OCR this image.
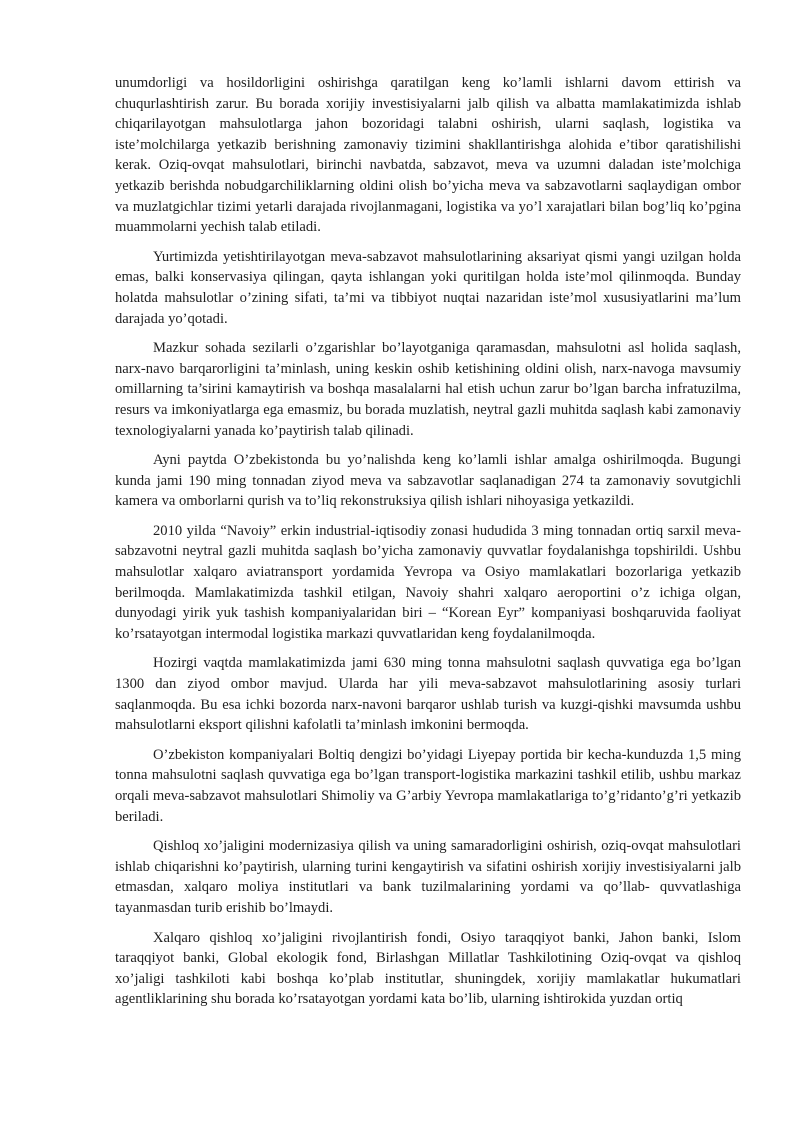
unumdorligi va hosildorligini oshirishga qaratilgan keng ko’lamli ishlarni davom ettirish va chuqurlashtirish zarur. Bu borada xorijiy investisiyalarni jalb qilish va albatta mamlakatimizda ishlab chiqarilayotgan mahsulotlarga jahon bozoridagi talabni oshirish, ularni saqlash, logistika va iste’molchilarga yetkazib berishning zamonaviy tizimini shakllantirishga alohida e’tibor qaratishilishi kerak. Oziq-ovqat mahsulotlari, birinchi navbatda, sabzavot, meva va uzumni daladan iste’molchiga yetkazib berishda nobudgarchiliklarning oldini olish bo’yicha meva va sabzavotlarni saqlaydigan ombor va muzlatgichlar tizimi yetarli darajada rivojlanmagani, logistika va yo’l xarajatlari bilan bog’liq ko’pgina muammolarni yechish talab etiladi.

Yurtimizda yetishtirilayotgan meva-sabzavot mahsulotlarining aksariyat qismi yangi uzilgan holda emas, balki konservasiya qilingan, qayta ishlangan yoki quritilgan holda iste’mol qilinmoqda. Bunday holatda mahsulotlar o’zining sifati, ta’mi va tibbiyot nuqtai nazaridan iste’mol xususiyatlarini ma’lum darajada yo’qotadi.

Mazkur sohada sezilarli o’zgarishlar bo’layotganiga qaramasdan, mahsulotni asl holida saqlash, narx-navo barqarorligini ta’minlash, uning keskin oshib ketishining oldini olish, narx-navoga mavsumiy omillarning ta’sirini kamaytirish va boshqa masalalarni hal etish uchun zarur bo’lgan barcha infratuzilma, resurs va imkoniyatlarga ega emasmiz, bu borada muzlatish, neytral gazli muhitda saqlash kabi zamonaviy texnologiyalarni yanada ko’paytirish talab qilinadi.

Ayni paytda O’zbekistonda bu yo’nalishda keng ko’lamli ishlar amalga oshirilmoqda. Bugungi kunda jami 190 ming tonnadan ziyod meva va sabzavotlar saqlanadigan 274 ta zamonaviy sovutgichli kamera va omborlarni qurish va to’liq rekonstruksiya qilish ishlari nihoyasiga yetkazildi.

2010 yilda “Navoiy” erkin industrial-iqtisodiy zonasi hududida 3 ming tonnadan ortiq sarxil meva-sabzavotni neytral gazli muhitda saqlash bo’yicha zamonaviy quvvatlar foydalanishga topshirildi. Ushbu mahsulotlar xalqaro aviatransport yordamida Yevropa va Osiyo mamlakatlari bozorlariga yetkazib berilmoqda. Mamlakatimizda tashkil etilgan, Navoiy shahri xalqaro aeroportini o’z ichiga olgan, dunyodagi yirik yuk tashish kompaniyalaridan biri – “Korean Eyr” kompaniyasi boshqaruvida faoliyat ko’rsatayotgan intermodal logistika markazi quvvatlaridan keng foydalanilmoqda.

Hozirgi vaqtda mamlakatimizda jami 630 ming tonna mahsulotni saqlash quvvatiga ega bo’lgan 1300 dan ziyod ombor mavjud. Ularda har yili meva-sabzavot mahsulotlarining asosiy turlari saqlanmoqda. Bu esa ichki bozorda narx-navoni barqaror ushlab turish va kuzgi-qishki mavsumda ushbu mahsulotlarni eksport qilishni kafolatli ta’minlash imkonini bermoqda.

O’zbekiston kompaniyalari Boltiq dengizi bo’yidagi Liyepay portida bir kecha-kunduzda 1,5 ming tonna mahsulotni saqlash quvvatiga ega bo’lgan transport-logistika markazini tashkil etilib, ushbu markaz orqali meva-sabzavot mahsulotlari Shimoliy va G’arbiy Yevropa mamlakatlariga to’g’ridanto’g’ri yetkazib beriladi.

Qishloq xo’jaligini modernizasiya qilish va uning samaradorligini oshirish, oziq-ovqat mahsulotlari ishlab chiqarishni ko’paytirish, ularning turini kengaytirish va sifatini oshirish xorijiy investisiyalarni jalb etmasdan, xalqaro moliya institutlari va bank tuzilmalarining yordami va qo’llab- quvvatlashiga tayanmasdan turib erishib bo’lmaydi.

Xalqaro qishloq xo’jaligini rivojlantirish fondi, Osiyo taraqqiyot banki, Jahon banki, Islom taraqqiyot banki, Global ekologik fond, Birlashgan Millatlar Tashkilotining Oziq-ovqat va qishloq xo’jaligi tashkiloti kabi boshqa ko’plab institutlar, shuningdek, xorijiy mamlakatlar hukumatlari agentliklarining shu borada ko’rsatayotgan yordami kata bo’lib, ularning ishtirokida yuzdan ortiq
